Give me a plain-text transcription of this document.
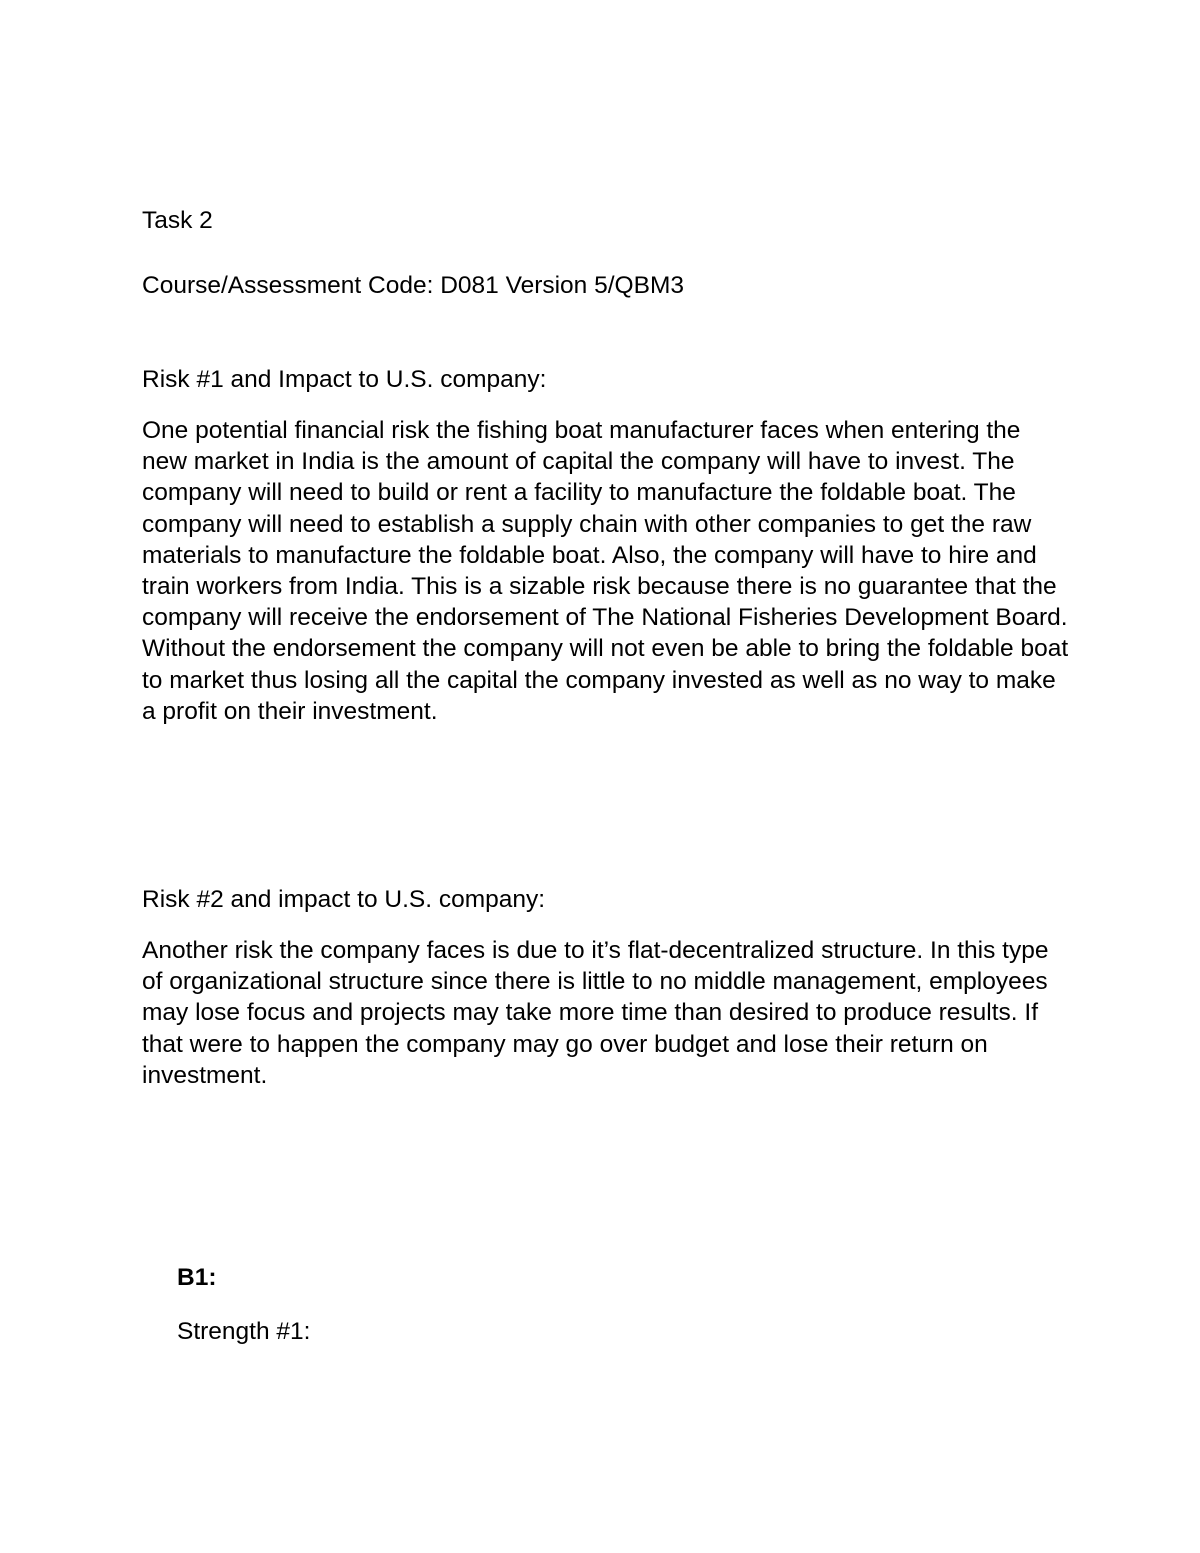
Task 2

Course/Assessment Code: D081 Version 5/QBM3

Risk #1 and Impact to U.S. company:

One potential financial risk the fishing boat manufacturer faces when entering the new market in India is the amount of capital the company will have to invest. The company will need to build or rent a facility to manufacture the foldable boat. The company will need to establish a supply chain with other companies to get the raw materials to manufacture the foldable boat. Also, the company will have to hire and train workers from India. This is a sizable risk because there is no guarantee that the company will receive the endorsement of The National Fisheries Development Board. Without the endorsement the company will not even be able to bring the foldable boat to market thus losing all the capital the company invested as well as no way to make a profit on their investment.

Risk #2 and impact to U.S. company:

Another risk the company faces is due to it’s flat-decentralized structure. In this type of organizational structure since there is little to no middle management, employees may lose focus and projects may take more time than desired to produce results. If that were to happen the company may go over budget and lose their return on investment.

B1:

Strength #1:
